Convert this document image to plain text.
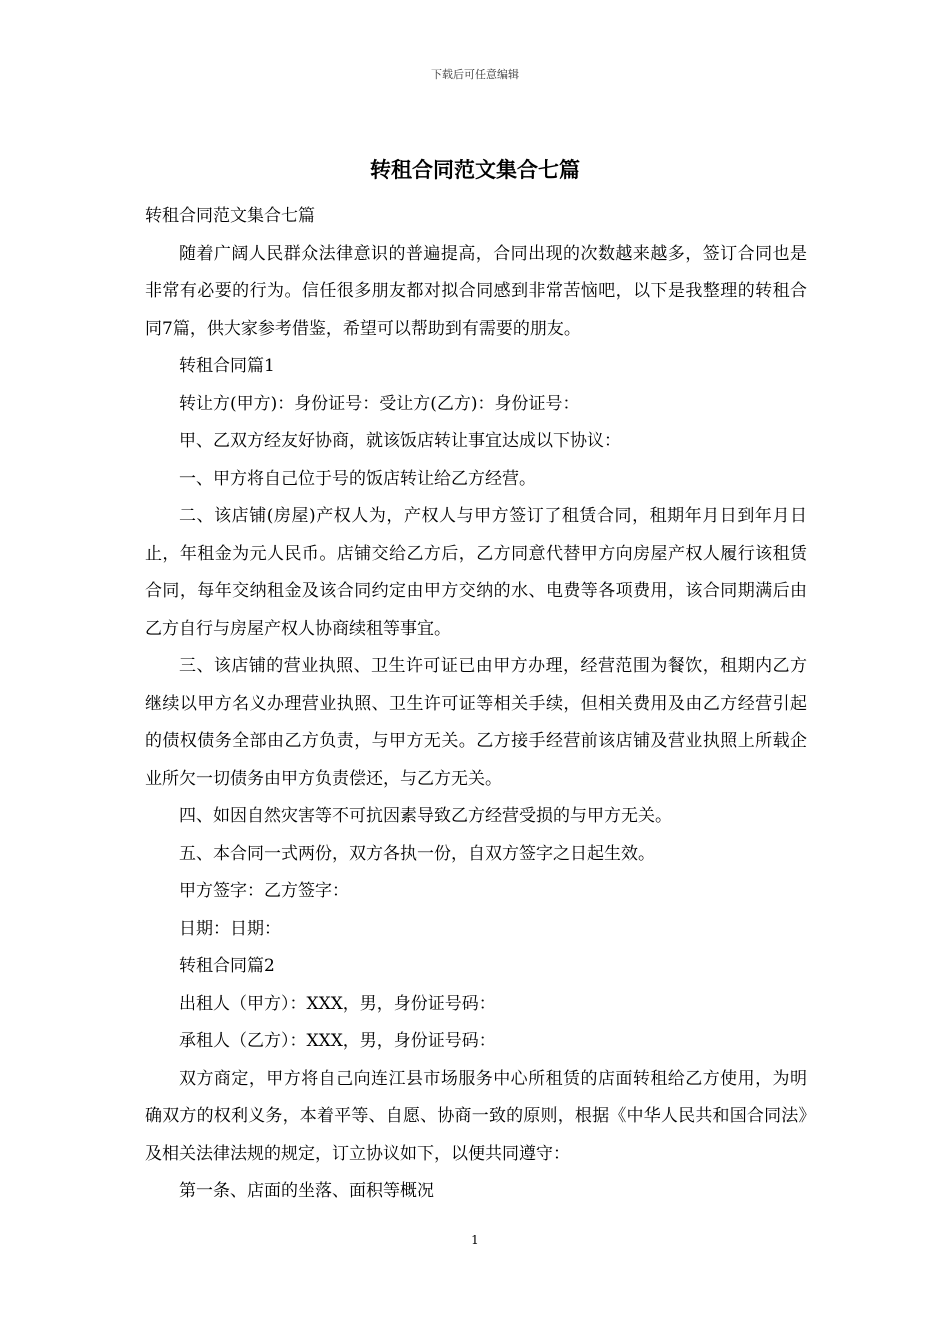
下载后可任意编辑
转租合同范文集合七篇

转租合同范文集合七篇

随着广阔人民群众法律意识的普遍提高，合同出现的次数越来越多，签订合同也是非常有必要的行为。信任很多朋友都对拟合同感到非常苦恼吧，以下是我整理的转租合同7篇，供大家参考借鉴，希望可以帮助到有需要的朋友。

转租合同篇1

转让方(甲方)：身份证号：受让方(乙方)：身份证号：

甲、乙双方经友好协商，就该饭店转让事宜达成以下协议：

一、甲方将自己位于号的饭店转让给乙方经营。

二、该店铺(房屋)产权人为，产权人与甲方签订了租赁合同，租期年月日到年月日止，年租金为元人民币。店铺交给乙方后，乙方同意代替甲方向房屋产权人履行该租赁合同，每年交纳租金及该合同约定由甲方交纳的水、电费等各项费用，该合同期满后由乙方自行与房屋产权人协商续租等事宜。

三、该店铺的营业执照、卫生许可证已由甲方办理，经营范围为餐饮，租期内乙方继续以甲方名义办理营业执照、卫生许可证等相关手续，但相关费用及由乙方经营引起的债权债务全部由乙方负责，与甲方无关。乙方接手经营前该店铺及营业执照上所载企业所欠一切债务由甲方负责偿还，与乙方无关。

四、如因自然灾害等不可抗因素导致乙方经营受损的与甲方无关。

五、本合同一式两份，双方各执一份，自双方签字之日起生效。

甲方签字：乙方签字：

日期：日期：

转租合同篇2

出租人（甲方）：XXX，男，身份证号码：

承租人（乙方）：XXX，男，身份证号码：

双方商定，甲方将自己向连江县市场服务中心所租赁的店面转租给乙方使用，为明确双方的权利义务，本着平等、自愿、协商一致的原则，根据《中华人民共和国合同法》及相关法律法规的规定，订立协议如下，以便共同遵守：

第一条、店面的坐落、面积等概况

1
